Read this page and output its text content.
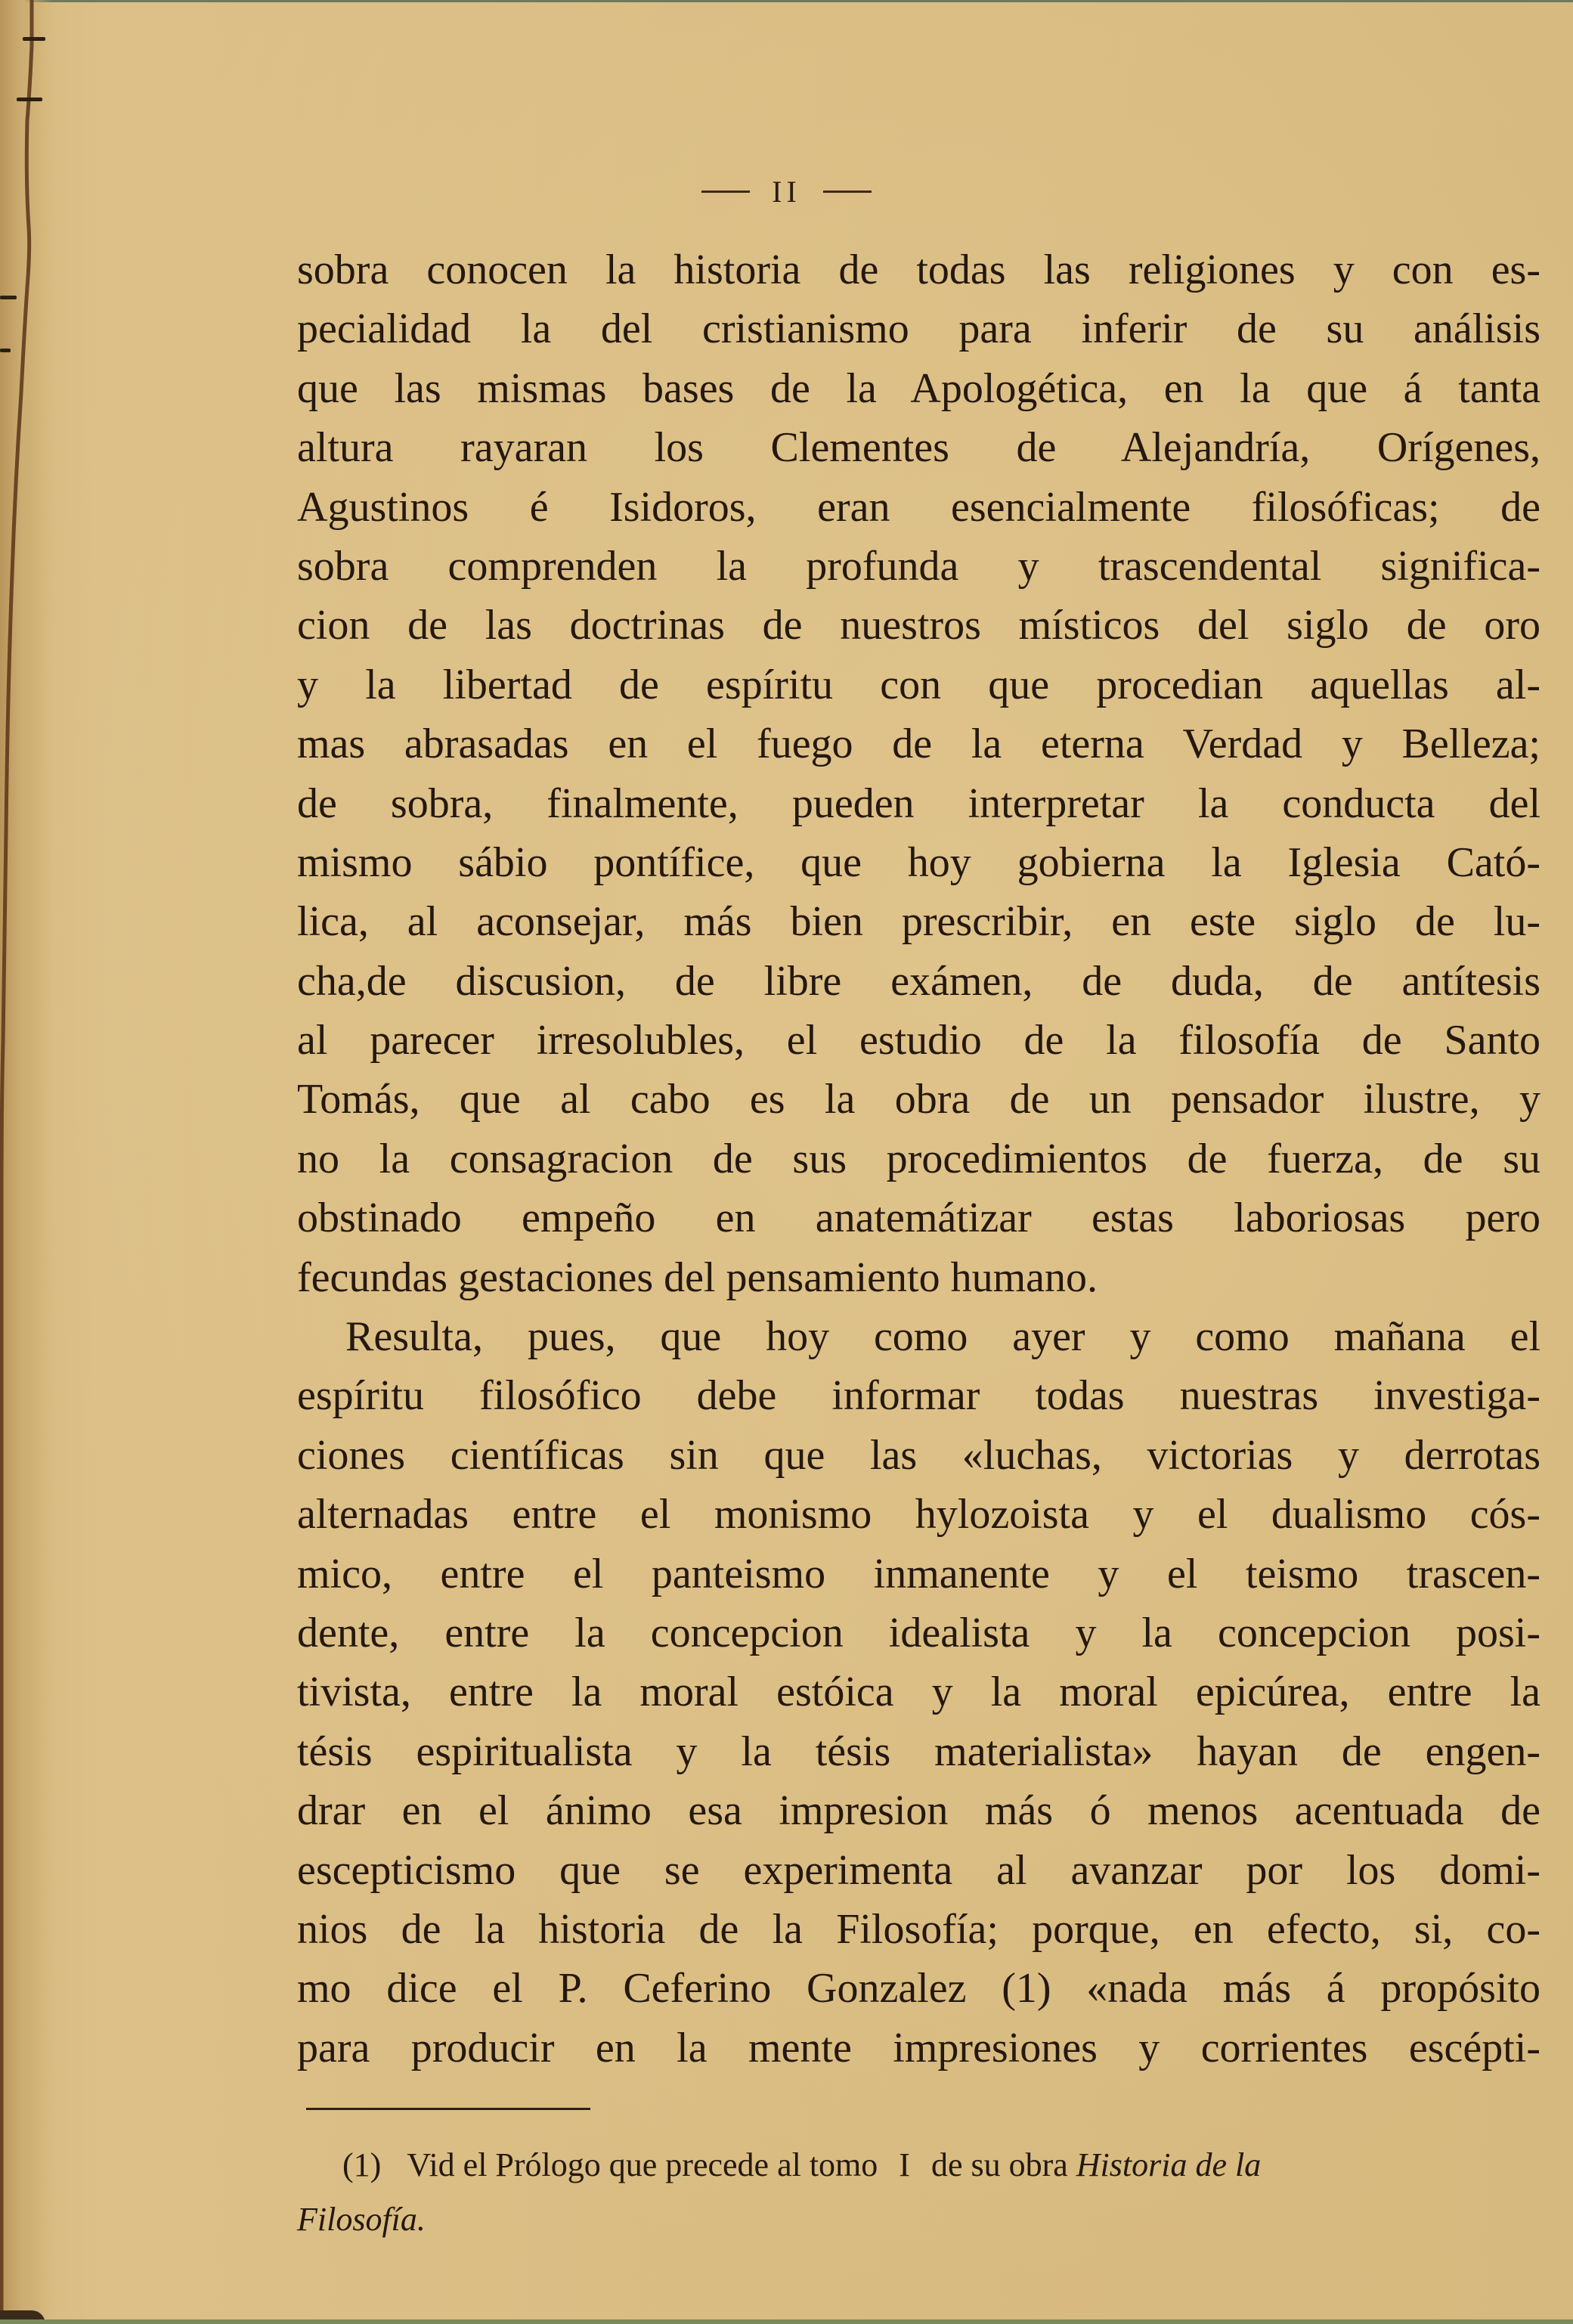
II
sobra conocen la historia de todas las religiones y con es-
pecialidad la del cristianismo para inferir de su análisis
que las mismas bases de la Apologética, en la que á tanta
altura rayaran los Clementes de Alejandría, Orígenes,
Agustinos é Isidoros, eran esencialmente filosóficas; de
sobra comprenden la profunda y trascendental significa-
cion de las doctrinas de nuestros místicos del siglo de oro
y la libertad de espíritu con que procedian aquellas al-
mas abrasadas en el fuego de la eterna Verdad y Belleza;
de sobra, finalmente, pueden interpretar la conducta del
mismo sábio pontífice, que hoy gobierna la Iglesia Cató-
lica, al aconsejar, más bien prescribir, en este siglo de lu-
cha,de discusion, de libre exámen, de duda, de antítesis
al parecer irresolubles, el estudio de la filosofía de Santo
Tomás, que al cabo es la obra de un pensador ilustre, y
no la consagracion de sus procedimientos de fuerza, de su
obstinado empeño en anatemátizar estas laboriosas pero
fecundas gestaciones del pensamiento humano.
Resulta, pues, que hoy como ayer y como mañana el
espíritu filosófico debe informar todas nuestras investiga-
ciones científicas sin que las «luchas, victorias y derrotas
alternadas entre el monismo hylozoista y el dualismo cós-
mico, entre el panteismo inmanente y el teismo trascen-
dente, entre la concepcion idealista y la concepcion posi-
tivista, entre la moral estóica y la moral epicúrea, entre la
tésis espiritualista y la tésis materialista» hayan de engen-
drar en el ánimo esa impresion más ó menos acentuada de
escepticismo que se experimenta al avanzar por los domi-
nios de la historia de la Filosofía; porque, en efecto, si, co-
mo dice el P. Ceferino Gonzalez (1) «nada más á propósito
para producir en la mente impresiones y corrientes escépti-
(1) Vid el Prólogo que precede al tomo I de su obra Historia de la
Filosofía.
